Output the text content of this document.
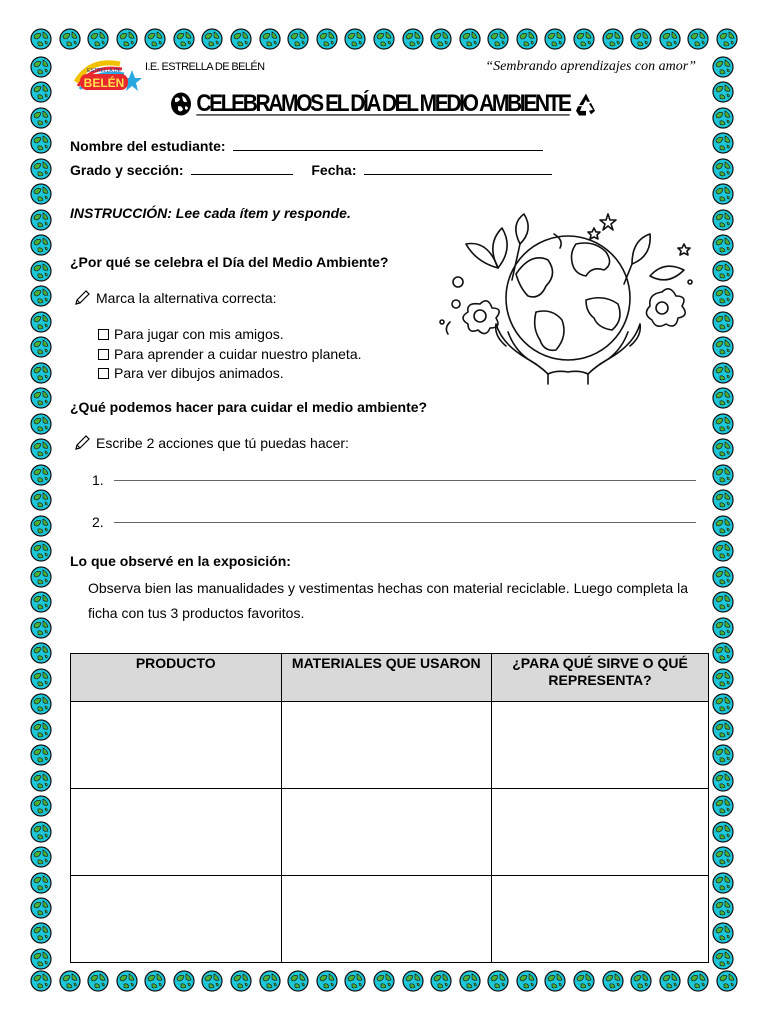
BELÉN
ESTRELLA DE I.E. ESTRELLA DE BELÉN	“Sembrando aprendizajes con amor”
CELEBRAMOS EL DÍA DEL MEDIO AMBIENTE
Nombre del estudiante:
Grado y sección:	Fecha:
INSTRUCCIÓN: Lee cada ítem y responde.
¿Por qué se celebra el Día del Medio Ambiente?
Marca la alternativa correcta:
Para jugar con mis amigos.
Para aprender a cuidar nuestro planeta.
Para ver dibujos animados.
¿Qué podemos hacer para cuidar el medio ambiente?
Escribe 2 acciones que tú puedas hacer:
1.
2.
Lo que observé en la exposición:
Observa bien las manualidades y vestimentas hechas con material reciclable. Luego completa la ficha con tus 3 productos favoritos.
PRODUCTO	MATERIALES QUE USARON	¿PARA QUÉ SIRVE O QUÉ REPRESENTA?
